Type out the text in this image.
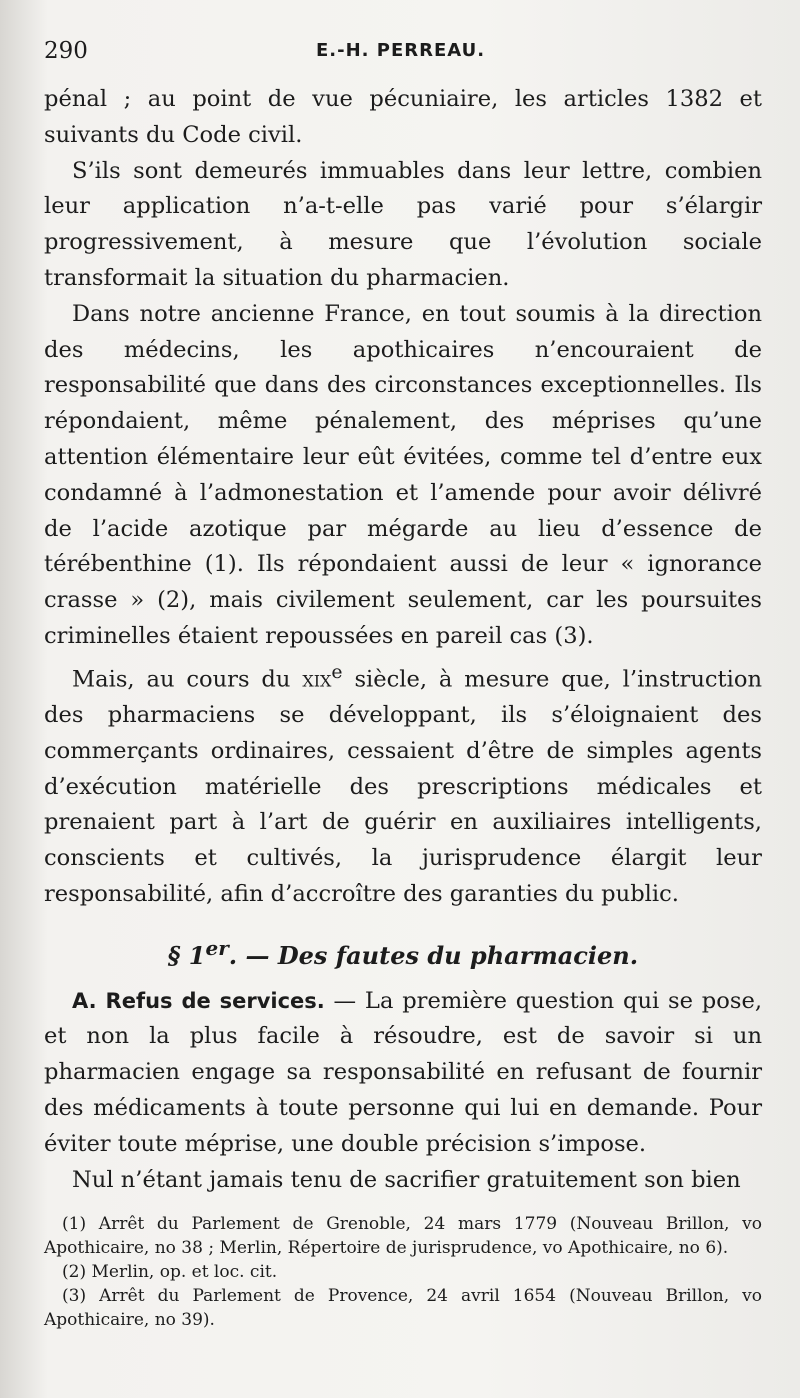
290	E.-H. PERREAU.

pénal ; au point de vue pécuniaire, les articles 1382 et suivants du Code civil.

S’ils sont demeurés immuables dans leur lettre, combien leur application n’a-t-elle pas varié pour s’élargir progressivement, à mesure que l’évolution sociale transformait la situation du pharmacien.

Dans notre ancienne France, en tout soumis à la direction des médecins, les apothicaires n’encouraient de responsabilité que dans des circonstances exceptionnelles. Ils répondaient, même pénalement, des méprises qu’une attention élémentaire leur eût évitées, comme tel d’entre eux condamné à l’admonestation et l’amende pour avoir délivré de l’acide azotique par mégarde au lieu d’essence de térébenthine (1). Ils répondaient aussi de leur « ignorance crasse » (2), mais civilement seulement, car les poursuites criminelles étaient repoussées en pareil cas (3).

Mais, au cours du xix$^e$ siècle, à mesure que, l’instruction des pharmaciens se développant, ils s’éloignaient des commerçants ordinaires, cessaient d’être de simples agents d’exécution matérielle des prescriptions médicales et prenaient part à l’art de guérir en auxiliaires intelligents, conscients et cultivés, la jurisprudence élargit leur responsabilité, afin d’accroître des garanties du public.

§ 1er. — Des fautes du pharmacien.

A. Refus de services. — La première question qui se pose, et non la plus facile à résoudre, est de savoir si un pharmacien engage sa responsabilité en refusant de fournir des médicaments à toute personne qui lui en demande. Pour éviter toute méprise, une double précision s’impose.

Nul n’étant jamais tenu de sacrifier gratuitement son bien

(1) Arrêt du Parlement de Grenoble, 24 mars 1779 (Nouveau Brillon, vo Apothicaire, no 38 ; Merlin, Répertoire de jurisprudence, vo Apothicaire, no 6).

(2) Merlin, op. et loc. cit.

(3) Arrêt du Parlement de Provence, 24 avril 1654 (Nouveau Brillon, vo Apothicaire, no 39).
